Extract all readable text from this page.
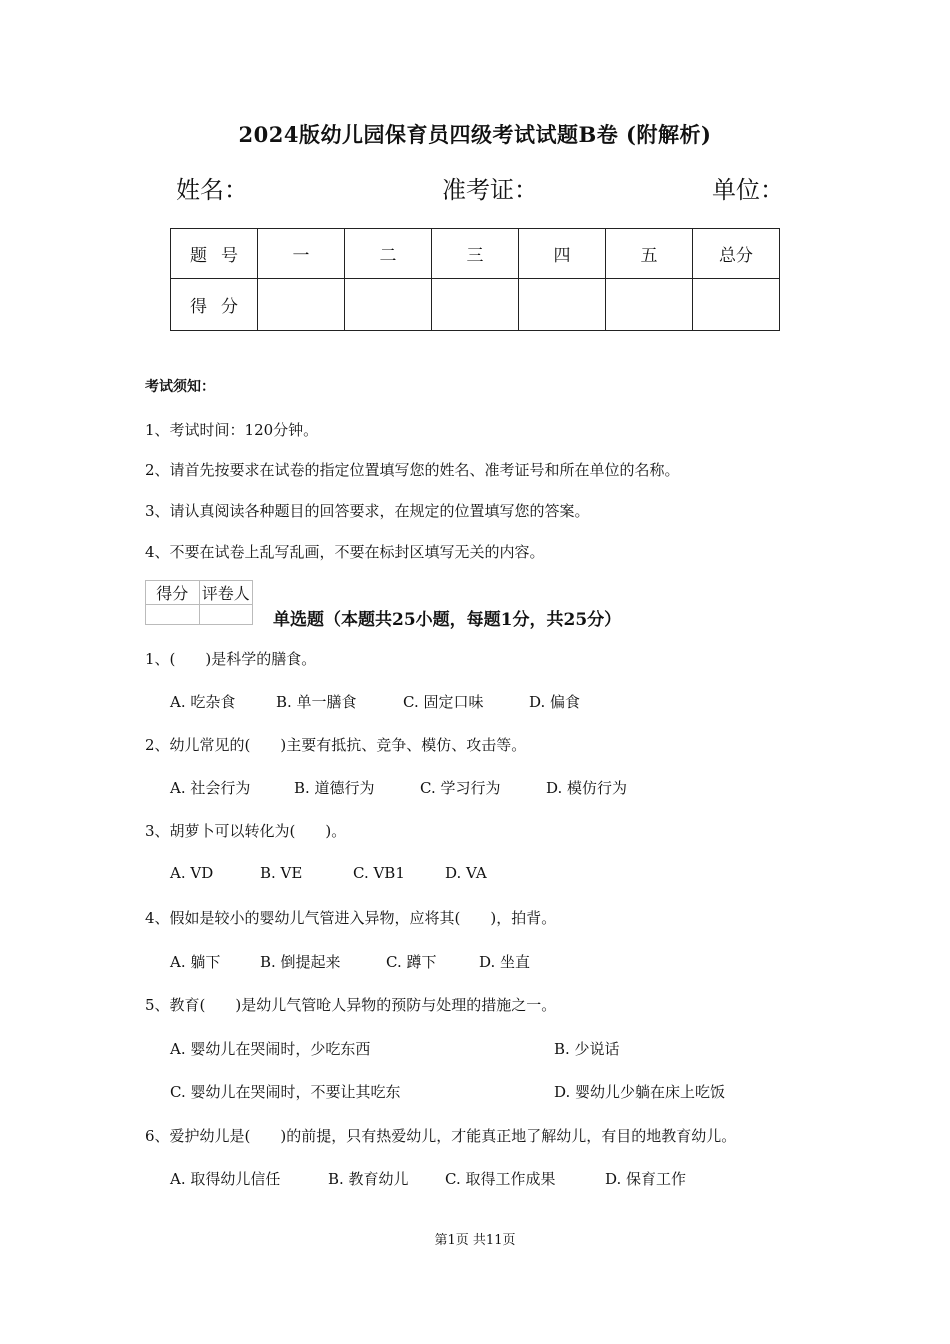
2024版幼儿园保育员四级考试试题B卷 (附解析)
姓名：	准考证：	单位：
题号	一	二	三	四	五	总分
得分						
考试须知：
1、考试时间：120分钟。
2、请首先按要求在试卷的指定位置填写您的姓名、准考证号和所在单位的名称。
3、请认真阅读各种题目的回答要求，在规定的位置填写您的答案。
4、不要在试卷上乱写乱画，不要在标封区填写无关的内容。
得分	评卷人

单选题（本题共25小题，每题1分，共25分）
1、(　　)是科学的膳食。
A. 吃杂食	B. 单一膳食	C. 固定口味	D. 偏食
2、幼儿常见的(　　)主要有抵抗、竞争、模仿、攻击等。
A. 社会行为	B. 道德行为	C. 学习行为	D. 模仿行为
3、胡萝卜可以转化为(　　)。
A. VD	B. VE	C. VB1	D. VA
4、假如是较小的婴幼儿气管进入异物，应将其(　　)，拍背。
A. 躺下	B. 倒提起来	C. 蹲下	D. 坐直
5、教育(　　)是幼儿气管呛人异物的预防与处理的措施之一。
A. 婴幼儿在哭闹时，少吃东西	B. 少说话
C. 婴幼儿在哭闹时，不要让其吃东	D. 婴幼儿少躺在床上吃饭
6、爱护幼儿是(　　)的前提，只有热爱幼儿，才能真正地了解幼儿，有目的地教育幼儿。
A. 取得幼儿信任	B. 教育幼儿 C. 取得工作成果	D. 保育工作
第1页 共11页
